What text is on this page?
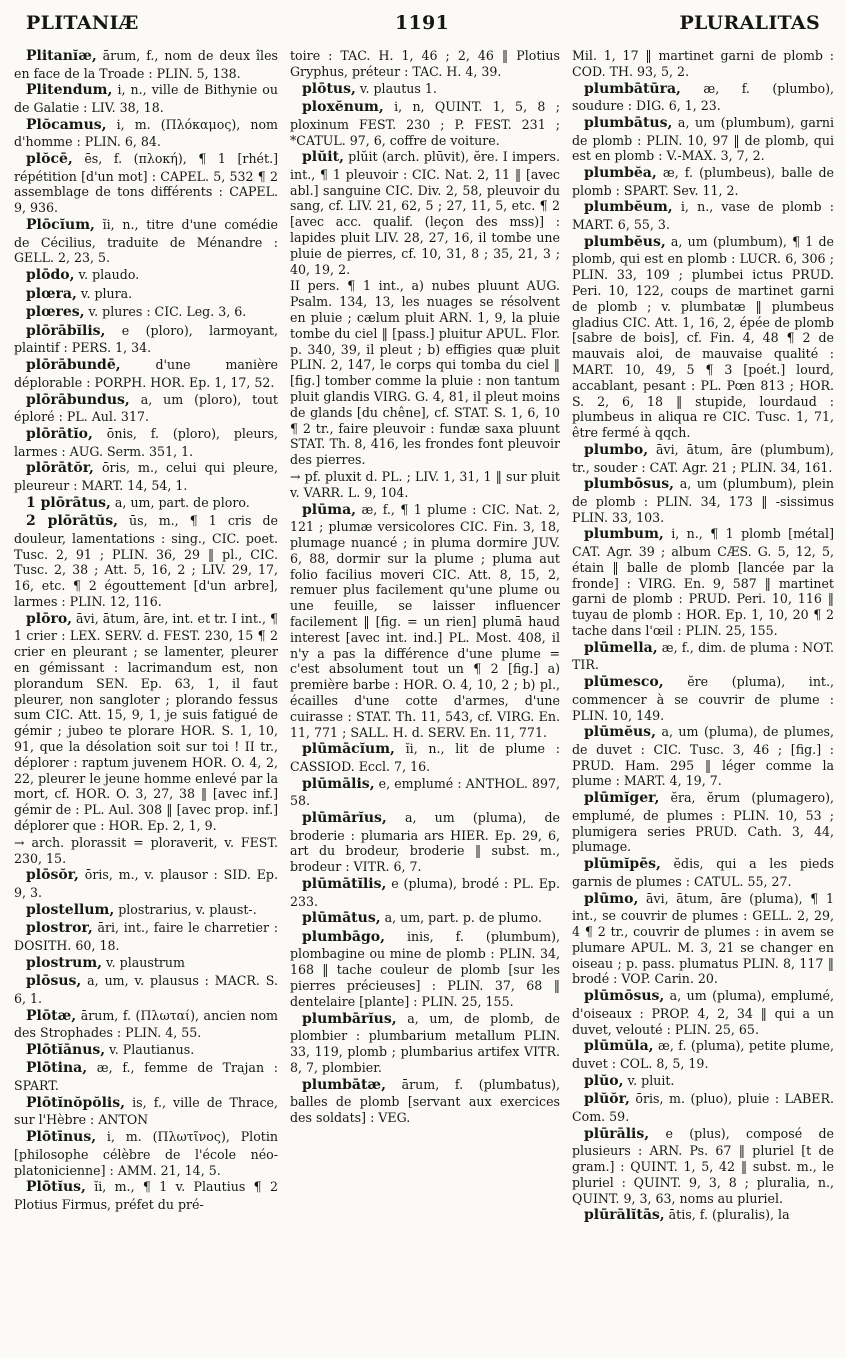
PLITANIÆ	1191	PLURALITAS

Plitanĭæ, ārum, f., nom de deux îles en face de la Troade : PLIN. 5, 138.

Plitendum, i, n., ville de Bithynie ou de Galatie : LIV. 38, 18.

Plŏcamus, i, m. (Πλόκαμος), nom d'homme : PLIN. 6, 84.

plŏcē, ēs, f. (πλοκή), ¶ 1 [rhét.] répétition [d'un mot] : CAPEL. 5, 532 ¶ 2 assemblage de tons différents : CAPEL. 9, 936.

Plōcĭum, ĭi, n., titre d'une comédie de Cécilius, traduite de Ménandre : GELL. 2, 23, 5.

plōdo, v. plaudo.

plœra, v. plura.

plœres, v. plures : CIC. Leg. 3, 6.

plōrābĭlis, e (ploro), larmoyant, plaintif : PERS. 1, 34.

plōrābundē, d'une manière déplorable : PORPH. HOR. Ep. 1, 17, 52.

plōrābundus, a, um (ploro), tout éploré : PL. Aul. 317.

plōrātĭo, ōnis, f. (ploro), pleurs, larmes : AUG. Serm. 351, 1.

plōrātŏr, ōris, m., celui qui pleure, pleureur : MART. 14, 54, 1.

1 plōrātus, a, um, part. de ploro.

2 plōrātŭs, ūs, m., ¶ 1 cris de douleur, lamentations : sing., CIC. poet. Tusc. 2, 91 ; PLIN. 36, 29 ‖ pl., CIC. Tusc. 2, 38 ; Att. 5, 16, 2 ; LIV. 29, 17, 16, etc. ¶ 2 égouttement [d'un arbre], larmes : PLIN. 12, 116.

plōro, āvi, ātum, āre, int. et tr. I int., ¶ 1 crier : LEX. SERV. d. FEST. 230, 15 ¶ 2 crier en pleurant ; se lamenter, pleurer en gémissant : lacrimandum est, non plorandum SEN. Ep. 63, 1, il faut pleurer, non sangloter ; plorando fessus sum CIC. Att. 15, 9, 1, je suis fatigué de gémir ; jubeo te plorare HOR. S. 1, 10, 91, que la désolation soit sur toi ! II tr., déplorer : raptum juvenem HOR. O. 4, 2, 22, pleurer le jeune homme enlevé par la mort, cf. HOR. O. 3, 27, 38 ‖ [avec inf.] gémir de : PL. Aul. 308 ‖ [avec prop. inf.] déplorer que : HOR. Ep. 2, 1, 9.

→ arch. plorassit = ploraverit, v. FEST. 230, 15.

plōsŏr, ōris, m., v. plausor : SID. Ep. 9, 3.

plostellum, plostrarius, v. plaust-.

plostror, āri, int., faire le charretier : DOSITH. 60, 18.

plostrum, v. plaustrum

plōsus, a, um, v. plausus : MACR. S. 6, 1.

Plōtæ, ārum, f. (Πλωταί), ancien nom des Strophades : PLIN. 4, 55.

Plōtĭānus, v. Plautianus.

Plōtina, æ, f., femme de Trajan : SPART.

Plōtĭnŏpŏlis, is, f., ville de Thrace, sur l'Hèbre : ANTON

Plōtīnus, i, m. (Πλωτῖνος), Plotin [philosophe célèbre de l'école néo-platonicienne] : AMM. 21, 14, 5.

Plōtĭus, ĭi, m., ¶ 1 v. Plautius ¶ 2 Plotius Firmus, préfet du pré-

toire : TAC. H. 1, 46 ; 2, 46 ‖ Plotius Gryphus, préteur : TAC. H. 4, 39.

plōtus, v. plautus 1.

ploxĕnum, i, n, QUINT. 1, 5, 8 ; ploxinum FEST. 230 ; P. FEST. 231 ; *CATUL. 97, 6, coffre de voiture.

plŭit, plŭit (arch. plūvit), ĕre. I impers. int., ¶ 1 pleuvoir : CIC. Nat. 2, 11 ‖ [avec abl.] sanguine CIC. Div. 2, 58, pleuvoir du sang, cf. LIV. 21, 62, 5 ; 27, 11, 5, etc. ¶ 2 [avec acc. qualif. (leçon des mss)] : lapides pluit LIV. 28, 27, 16, il tombe une pluie de pierres, cf. 10, 31, 8 ; 35, 21, 3 ; 40, 19, 2.

II pers. ¶ 1 int., a) nubes pluunt AUG. Psalm. 134, 13, les nuages se résolvent en pluie ; cælum pluit ARN. 1, 9, la pluie tombe du ciel ‖ [pass.] pluitur APUL. Flor. p. 340, 39, il pleut ; b) effigies quæ pluit PLIN. 2, 147, le corps qui tomba du ciel ‖ [fig.] tomber comme la pluie : non tantum pluit glandis VIRG. G. 4, 81, il pleut moins de glands [du chêne], cf. STAT. S. 1, 6, 10 ¶ 2 tr., faire pleuvoir : fundæ saxa pluunt STAT. Th. 8, 416, les frondes font pleuvoir des pierres.

→ pf. pluxit d. PL. ; LIV. 1, 31, 1 ‖ sur pluit v. VARR. L. 9, 104.

plūma, æ, f., ¶ 1 plume : CIC. Nat. 2, 121 ; plumæ versicolores CIC. Fin. 3, 18, plumage nuancé ; in pluma dormire JUV. 6, 88, dormir sur la plume ; pluma aut folio facilius moveri CIC. Att. 8, 15, 2, remuer plus facilement qu'une plume ou une feuille, se laisser influencer facilement ‖ [fig. = un rien] plumā haud interest [avec int. ind.] PL. Most. 408, il n'y a pas la différence d'une plume = c'est absolument tout un ¶ 2 [fig.] a) première barbe : HOR. O. 4, 10, 2 ; b) pl., écailles d'une cotte d'armes, d'une cuirasse : STAT. Th. 11, 543, cf. VIRG. En. 11, 771 ; SALL. H. d. SERV. En. 11, 771.

plūmācĭum, ĭi, n., lit de plume : CASSIOD. Eccl. 7, 16.

plūmālis, e, emplumé : ANTHOL. 897, 58.

plūmārĭus, a, um (pluma), de broderie : plumaria ars HIER. Ep. 29, 6, art du brodeur, broderie ‖ subst. m., brodeur : VITR. 6, 7.

plūmātĭlis, e (pluma), brodé : PL. Ep. 233.

plūmātus, a, um, part. p. de plumo.

plumbāgo, inis, f. (plumbum), plombagine ou mine de plomb : PLIN. 34, 168 ‖ tache couleur de plomb [sur les pierres précieuses] : PLIN. 37, 68 ‖ dentelaire [plante] : PLIN. 25, 155.

plumbārĭus, a, um, de plomb, de plombier : plumbarium metallum PLIN. 33, 119, plomb ; plumbarius artifex VITR. 8, 7, plombier.

plumbātæ, ārum, f. (plumbatus), balles de plomb [servant aux exercices des soldats] : VEG.

Mil. 1, 17 ‖ martinet garni de plomb : COD. TH. 93, 5, 2.

plumbātūra, æ, f. (plumbo), soudure : DIG. 6, 1, 23.

plumbātus, a, um (plumbum), garni de plomb : PLIN. 10, 97 ‖ de plomb, qui est en plomb : V.-MAX. 3, 7, 2.

plumbĕa, æ, f. (plumbeus), balle de plomb : SPART. Sev. 11, 2.

plumbĕum, i, n., vase de plomb : MART. 6, 55, 3.

plumbĕus, a, um (plumbum), ¶ 1 de plomb, qui est en plomb : LUCR. 6, 306 ; PLIN. 33, 109 ; plumbei ictus PRUD. Peri. 10, 122, coups de martinet garni de plomb ; v. plumbatæ ‖ plumbeus gladius CIC. Att. 1, 16, 2, épée de plomb [sabre de bois], cf. Fin. 4, 48 ¶ 2 de mauvais aloi, de mauvaise qualité : MART. 10, 49, 5 ¶ 3 [poét.] lourd, accablant, pesant : PL. Pœn 813 ; HOR. S. 2, 6, 18 ‖ stupide, lourdaud : plumbeus in aliqua re CIC. Tusc. 1, 71, être fermé à qqch.

plumbo, āvi, ātum, āre (plumbum), tr., souder : CAT. Agr. 21 ; PLIN. 34, 161.

plumbōsus, a, um (plumbum), plein de plomb : PLIN. 34, 173 ‖ -sissimus PLIN. 33, 103.

plumbum, i, n., ¶ 1 plomb [métal] CAT. Agr. 39 ; album CÆS. G. 5, 12, 5, étain ‖ balle de plomb [lancée par la fronde] : VIRG. En. 9, 587 ‖ martinet garni de plomb : PRUD. Peri. 10, 116 ‖ tuyau de plomb : HOR. Ep. 1, 10, 20 ¶ 2 tache dans l'œil : PLIN. 25, 155.

plūmella, æ, f., dim. de pluma : NOT. TIR.

plūmesco, ĕre (pluma), int., commencer à se couvrir de plume : PLIN. 10, 149.

plūmĕus, a, um (pluma), de plumes, de duvet : CIC. Tusc. 3, 46 ; [fig.] : PRUD. Ham. 295 ‖ léger comme la plume : MART. 4, 19, 7.

plūmĭger, ĕra, ĕrum (plumagero), emplumé, de plumes : PLIN. 10, 53 ; plumigera series PRUD. Cath. 3, 44, plumage.

plūmĭpēs, ĕdis, qui a les pieds garnis de plumes : CATUL. 55, 27.

plūmo, āvi, ātum, āre (pluma), ¶ 1 int., se couvrir de plumes : GELL. 2, 29, 4 ¶ 2 tr., couvrir de plumes : in avem se plumare APUL. M. 3, 21 se changer en oiseau ; p. pass. plumatus PLIN. 8, 117 ‖ brodé : VOP. Carin. 20.

plūmōsus, a, um (pluma), emplumé, d'oiseaux : PROP. 4, 2, 34 ‖ qui a un duvet, velouté : PLIN. 25, 65.

plūmŭla, æ, f. (pluma), petite plume, duvet : COL. 8, 5, 19.

plŭo, v. pluit.

plŭŏr, ōris, m. (pluo), pluie : LABER. Com. 59.

plūrālis, e (plus), composé de plusieurs : ARN. Ps. 67 ‖ pluriel [t de gram.] : QUINT. 1, 5, 42 ‖ subst. m., le pluriel : QUINT. 9, 3, 8 ; pluralia, n., QUINT. 9, 3, 63, noms au pluriel.

plūrālĭtās, ātis, f. (pluralis), la
